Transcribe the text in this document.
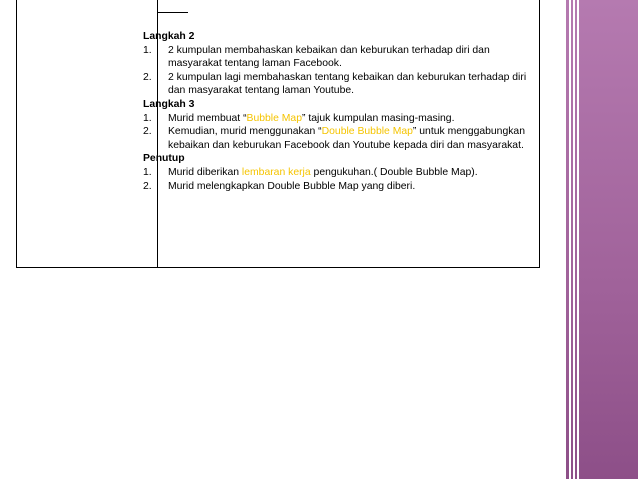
Langkah 2
1. 2 kumpulan membahaskan kebaikan dan keburukan terhadap diri dan masyarakat tentang laman Facebook.
2. 2 kumpulan lagi membahaskan tentang kebaikan dan keburukan terhadap diri dan masyarakat tentang laman Youtube.
Langkah 3
1. Murid membuat “Bubble Map” tajuk kumpulan masing-masing.
2. Kemudian, murid menggunakan “Double Bubble Map” untuk menggabungkan kebaikan dan keburukan Facebook dan Youtube kepada diri dan masyarakat.
Penutup
1. Murid diberikan lembaran kerja pengukuhan.( Double Bubble Map).
2. Murid melengkapkan Double Bubble Map yang diberi.
